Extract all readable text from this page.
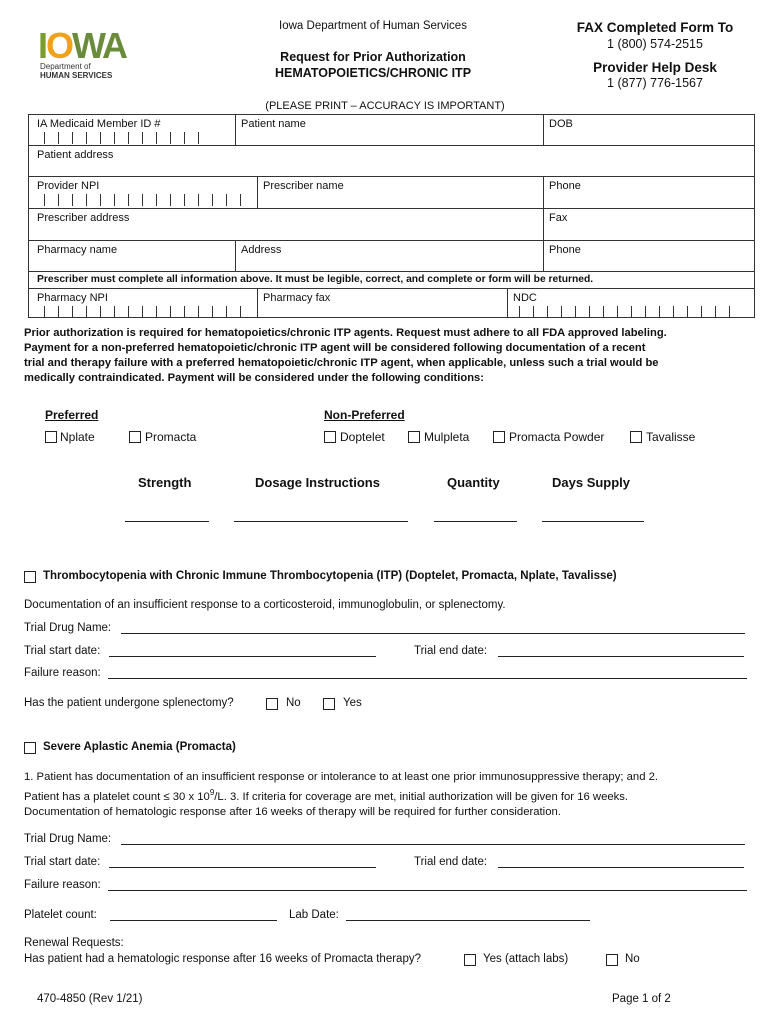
IOWA
Department of
HUMAN SERVICES
Iowa Department of Human Services
Request for Prior Authorization
HEMATOPOIETICS/CHRONIC ITP
FAX Completed Form To
1 (800) 574-2515
Provider Help Desk
1 (877) 776-1567
(PLEASE PRINT – ACCURACY IS IMPORTANT)
IA Medicaid Member ID #	Patient name	DOB
Patient address
Provider NPI	Prescriber name	Phone
Prescriber address	Fax
Pharmacy name	Address	Phone
Prescriber must complete all information above. It must be legible, correct, and complete or form will be returned.
Pharmacy NPI	Pharmacy fax	NDC
Prior authorization is required for hematopoietics/chronic ITP agents. Request must adhere to all FDA approved labeling.
Payment for a non-preferred hematopoietic/chronic ITP agent will be considered following documentation of a recent
trial and therapy failure with a preferred hematopoietic/chronic ITP agent, when applicable, unless such a trial would be
medically contraindicated. Payment will be considered under the following conditions:
Preferred	Non-Preferred
Nplate	Promacta	Doptelet	Mulpleta	Promacta Powder	Tavalisse
Strength	Dosage Instructions	Quantity	Days Supply
Thrombocytopenia with Chronic Immune Thrombocytopenia (ITP) (Doptelet, Promacta, Nplate, Tavalisse)
Documentation of an insufficient response to a corticosteroid, immunoglobulin, or splenectomy.
Trial Drug Name:
Trial start date:	Trial end date:
Failure reason:
Has the patient undergone splenectomy?	No	Yes
Severe Aplastic Anemia (Promacta)
1. Patient has documentation of an insufficient response or intolerance to at least one prior immunosuppressive therapy; and 2.
Patient has a platelet count ≤ 30 x $10^9/L$. 3. If criteria for coverage are met, initial authorization will be given for 16 weeks.
Documentation of hematologic response after 16 weeks of therapy will be required for further consideration.
Trial Drug Name:
Trial start date:	Trial end date:
Failure reason:
Platelet count:	Lab Date:
Renewal Requests:
Has patient had a hematologic response after 16 weeks of Promacta therapy?	Yes (attach labs)	No
470-4850 (Rev 1/21)	Page 1 of 2
